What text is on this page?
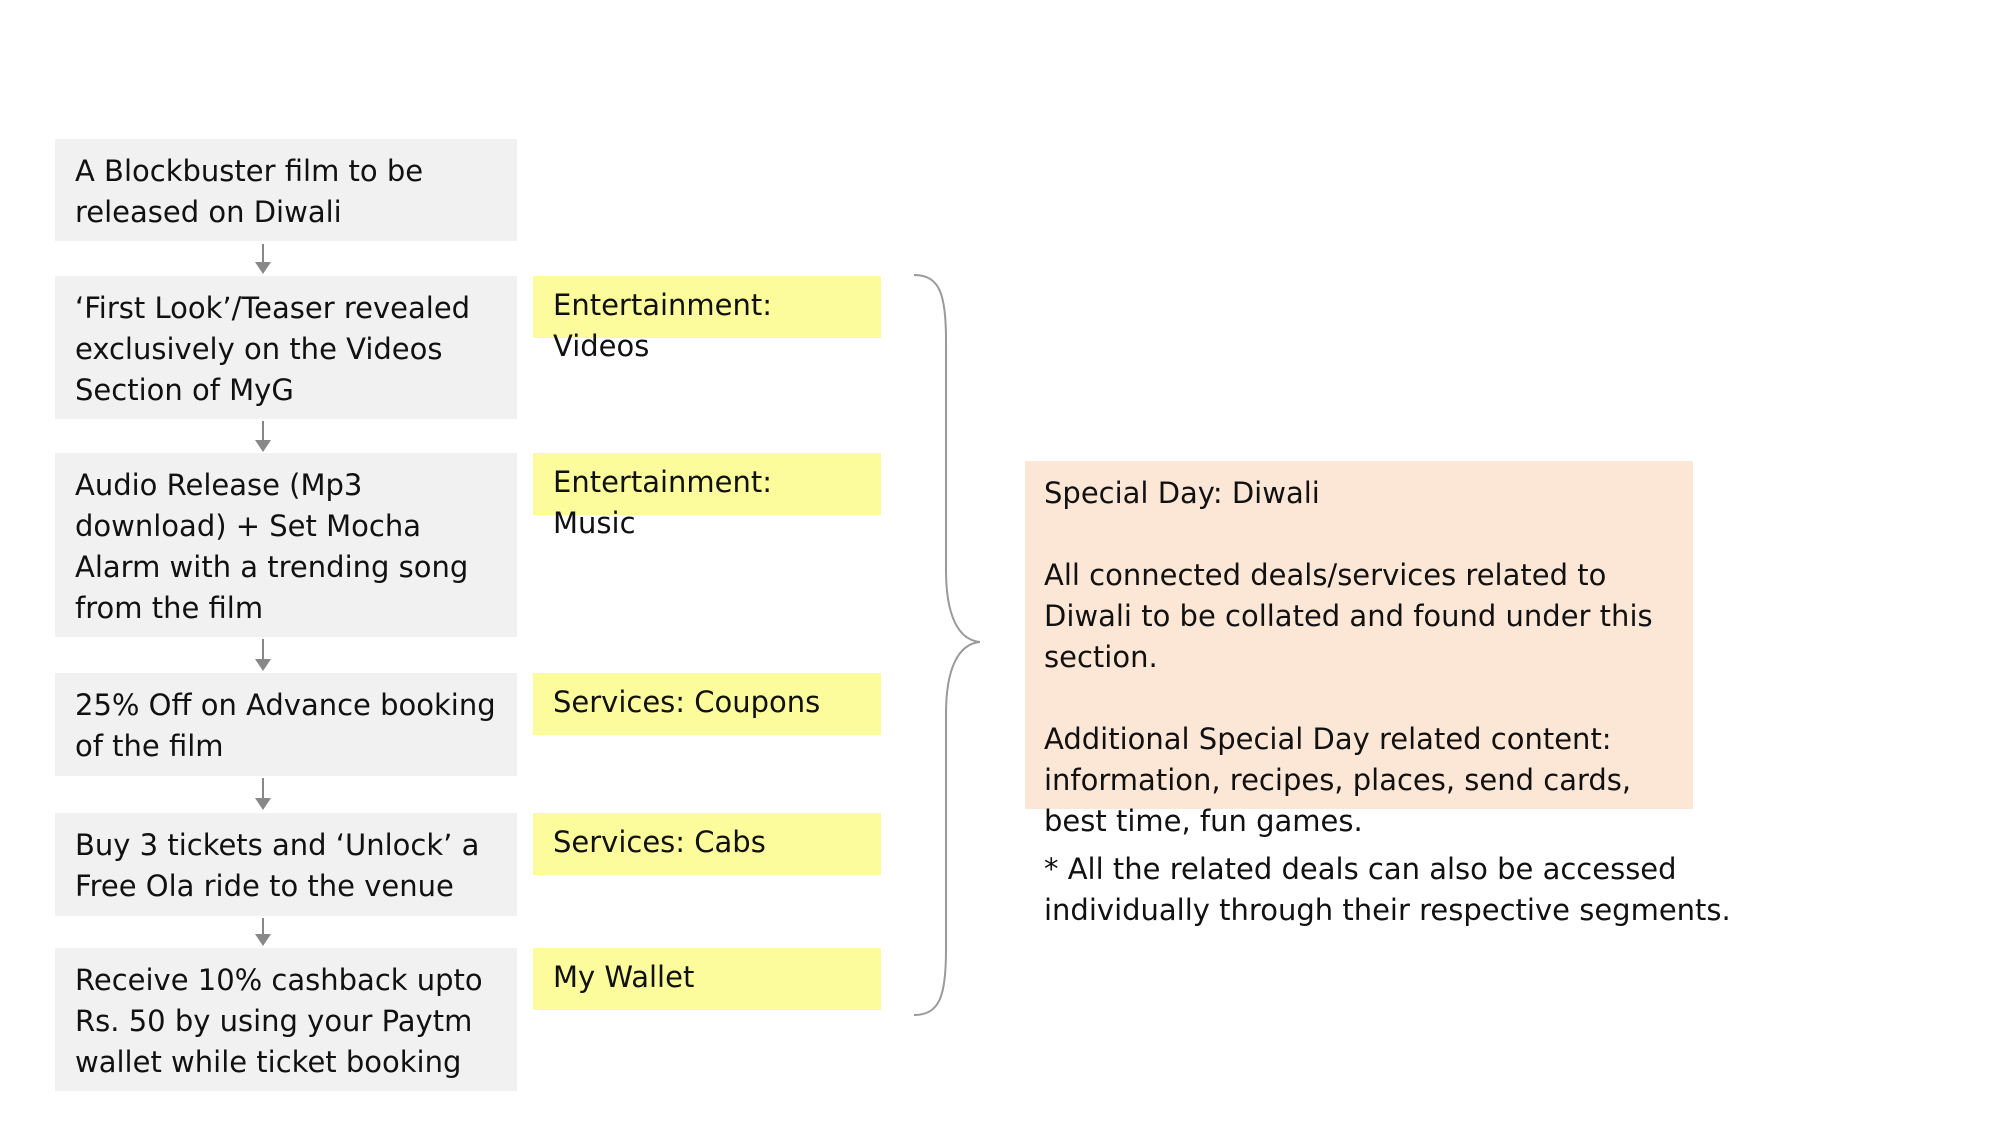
A Blockbuster film to be released on Diwali
‘First Look’/Teaser revealed exclusively on the Videos Section of MyG
Audio Release (Mp3 download) + Set Mocha Alarm with a trending song from the film
25% Off on Advance booking of the film
Buy 3 tickets and ‘Unlock’ a Free Ola ride to the venue
Receive 10% cashback upto Rs. 50 by using your Paytm wallet while ticket booking
Entertainment: Videos
Entertainment: Music
Services: Coupons
Services: Cabs
My Wallet

Special Day: Diwali

All connected deals/services related to Diwali to be collated and found under this section.

Additional Special Day related content: information, recipes, places, send cards, best time, fun games.

* All the related deals can also be accessed individually through their respective segments.
